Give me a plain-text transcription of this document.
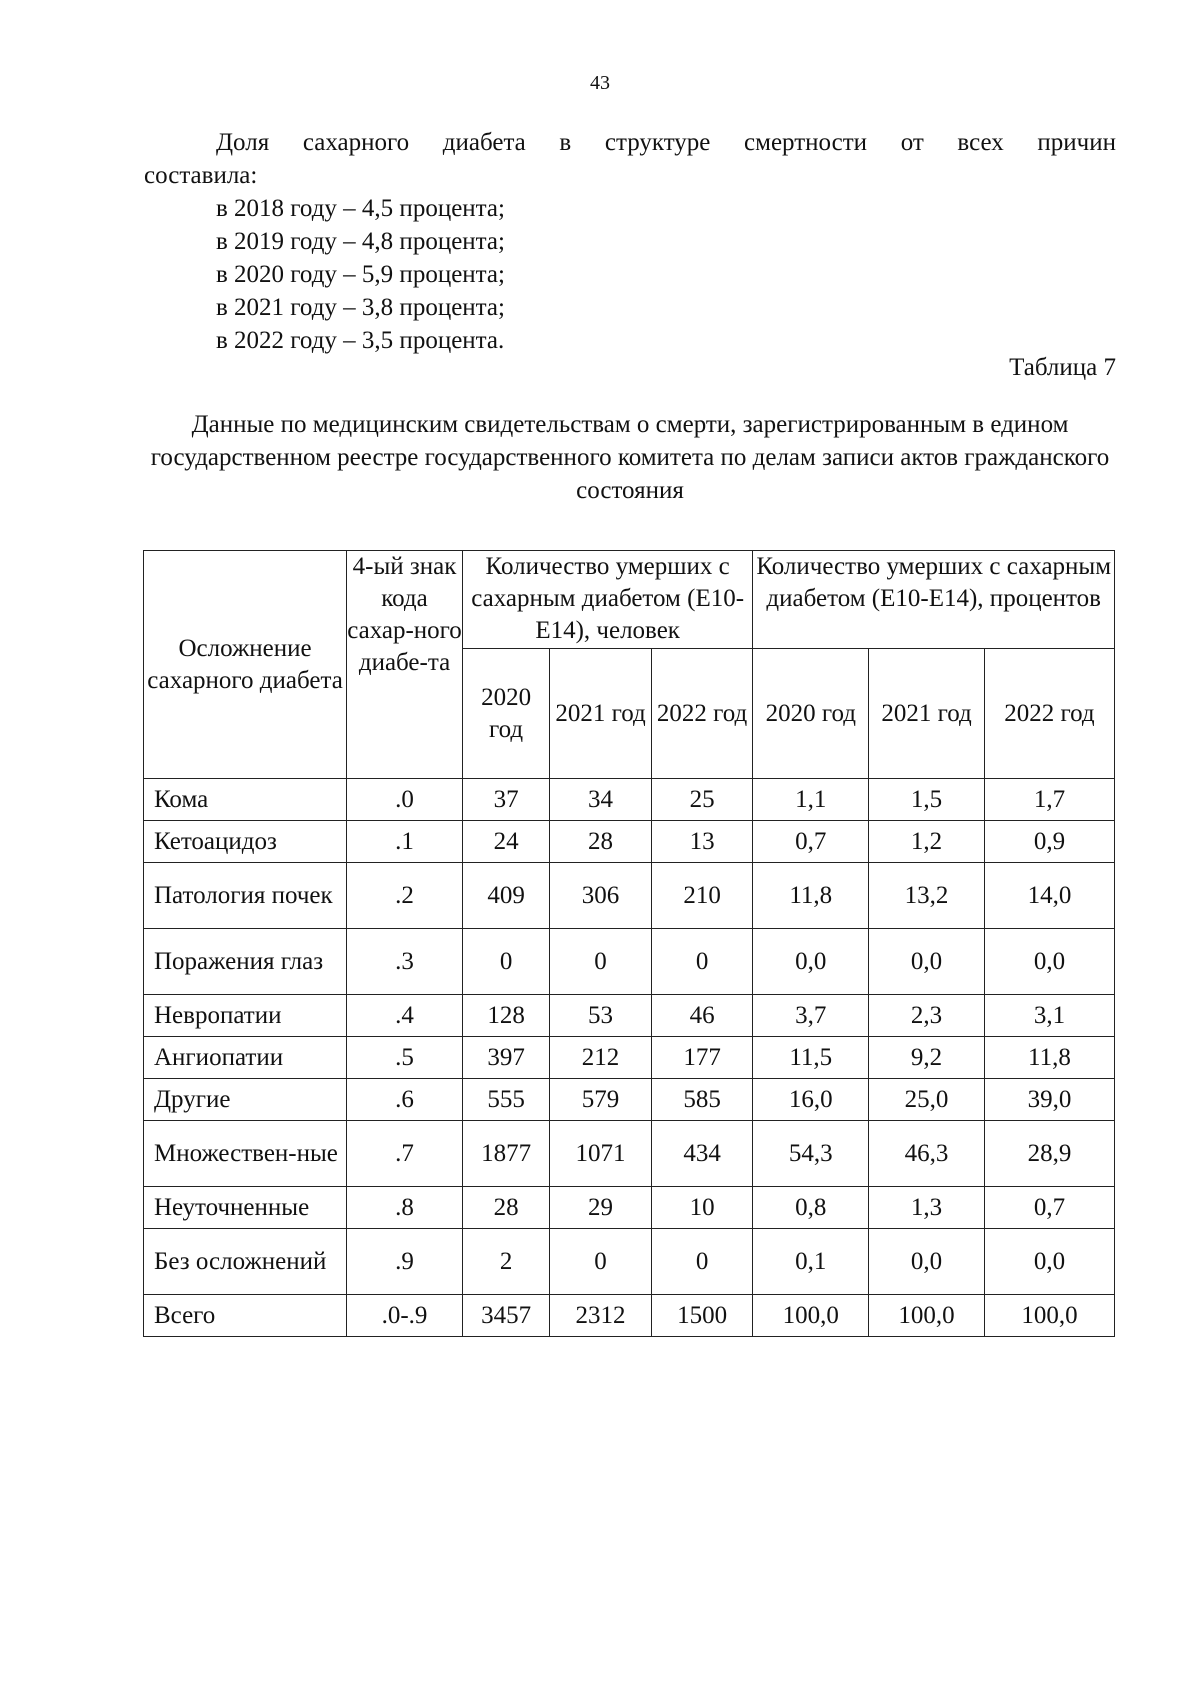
43
Доля сахарного диабета в структуре смертности от всех причин
составила:
в 2018 году – 4,5 процента;
в 2019 году – 4,8 процента;
в 2020 году – 5,9 процента;
в 2021 году – 3,8 процента;
в 2022 году – 3,5 процента.
Таблица 7
Данные по медицинским свидетельствам о смерти, зарегистрированным в едином государственном реестре государственного комитета по делам записи актов гражданского состояния
Осложнение сахарного диабета	4-ый знак кода сахар-ного диабе-та	Количество умерших с сахарным диабетом (Е10-Е14), человек			Количество умерших с сахарным диабетом (Е10-Е14), процентов		
		2020 год	2021 год	2022 год	2020 год	2021 год	2022 год
Кома	.0	37	34	25	1,1	1,5	1,7
Кетоацидоз	.1	24	28	13	0,7	1,2	0,9
Патология почек	.2	409	306	210	11,8	13,2	14,0
Поражения глаз	.3	0	0	0	0,0	0,0	0,0
Невропатии	.4	128	53	46	3,7	2,3	3,1
Ангиопатии	.5	397	212	177	11,5	9,2	11,8
Другие	.6	555	579	585	16,0	25,0	39,0
Множествен-ные	.7	1877	1071	434	54,3	46,3	28,9
Неуточненные	.8	28	29	10	0,8	1,3	0,7
Без осложнений	.9	2	0	0	0,1	0,0	0,0
Всего	.0-.9	3457	2312	1500	100,0	100,0	100,0
